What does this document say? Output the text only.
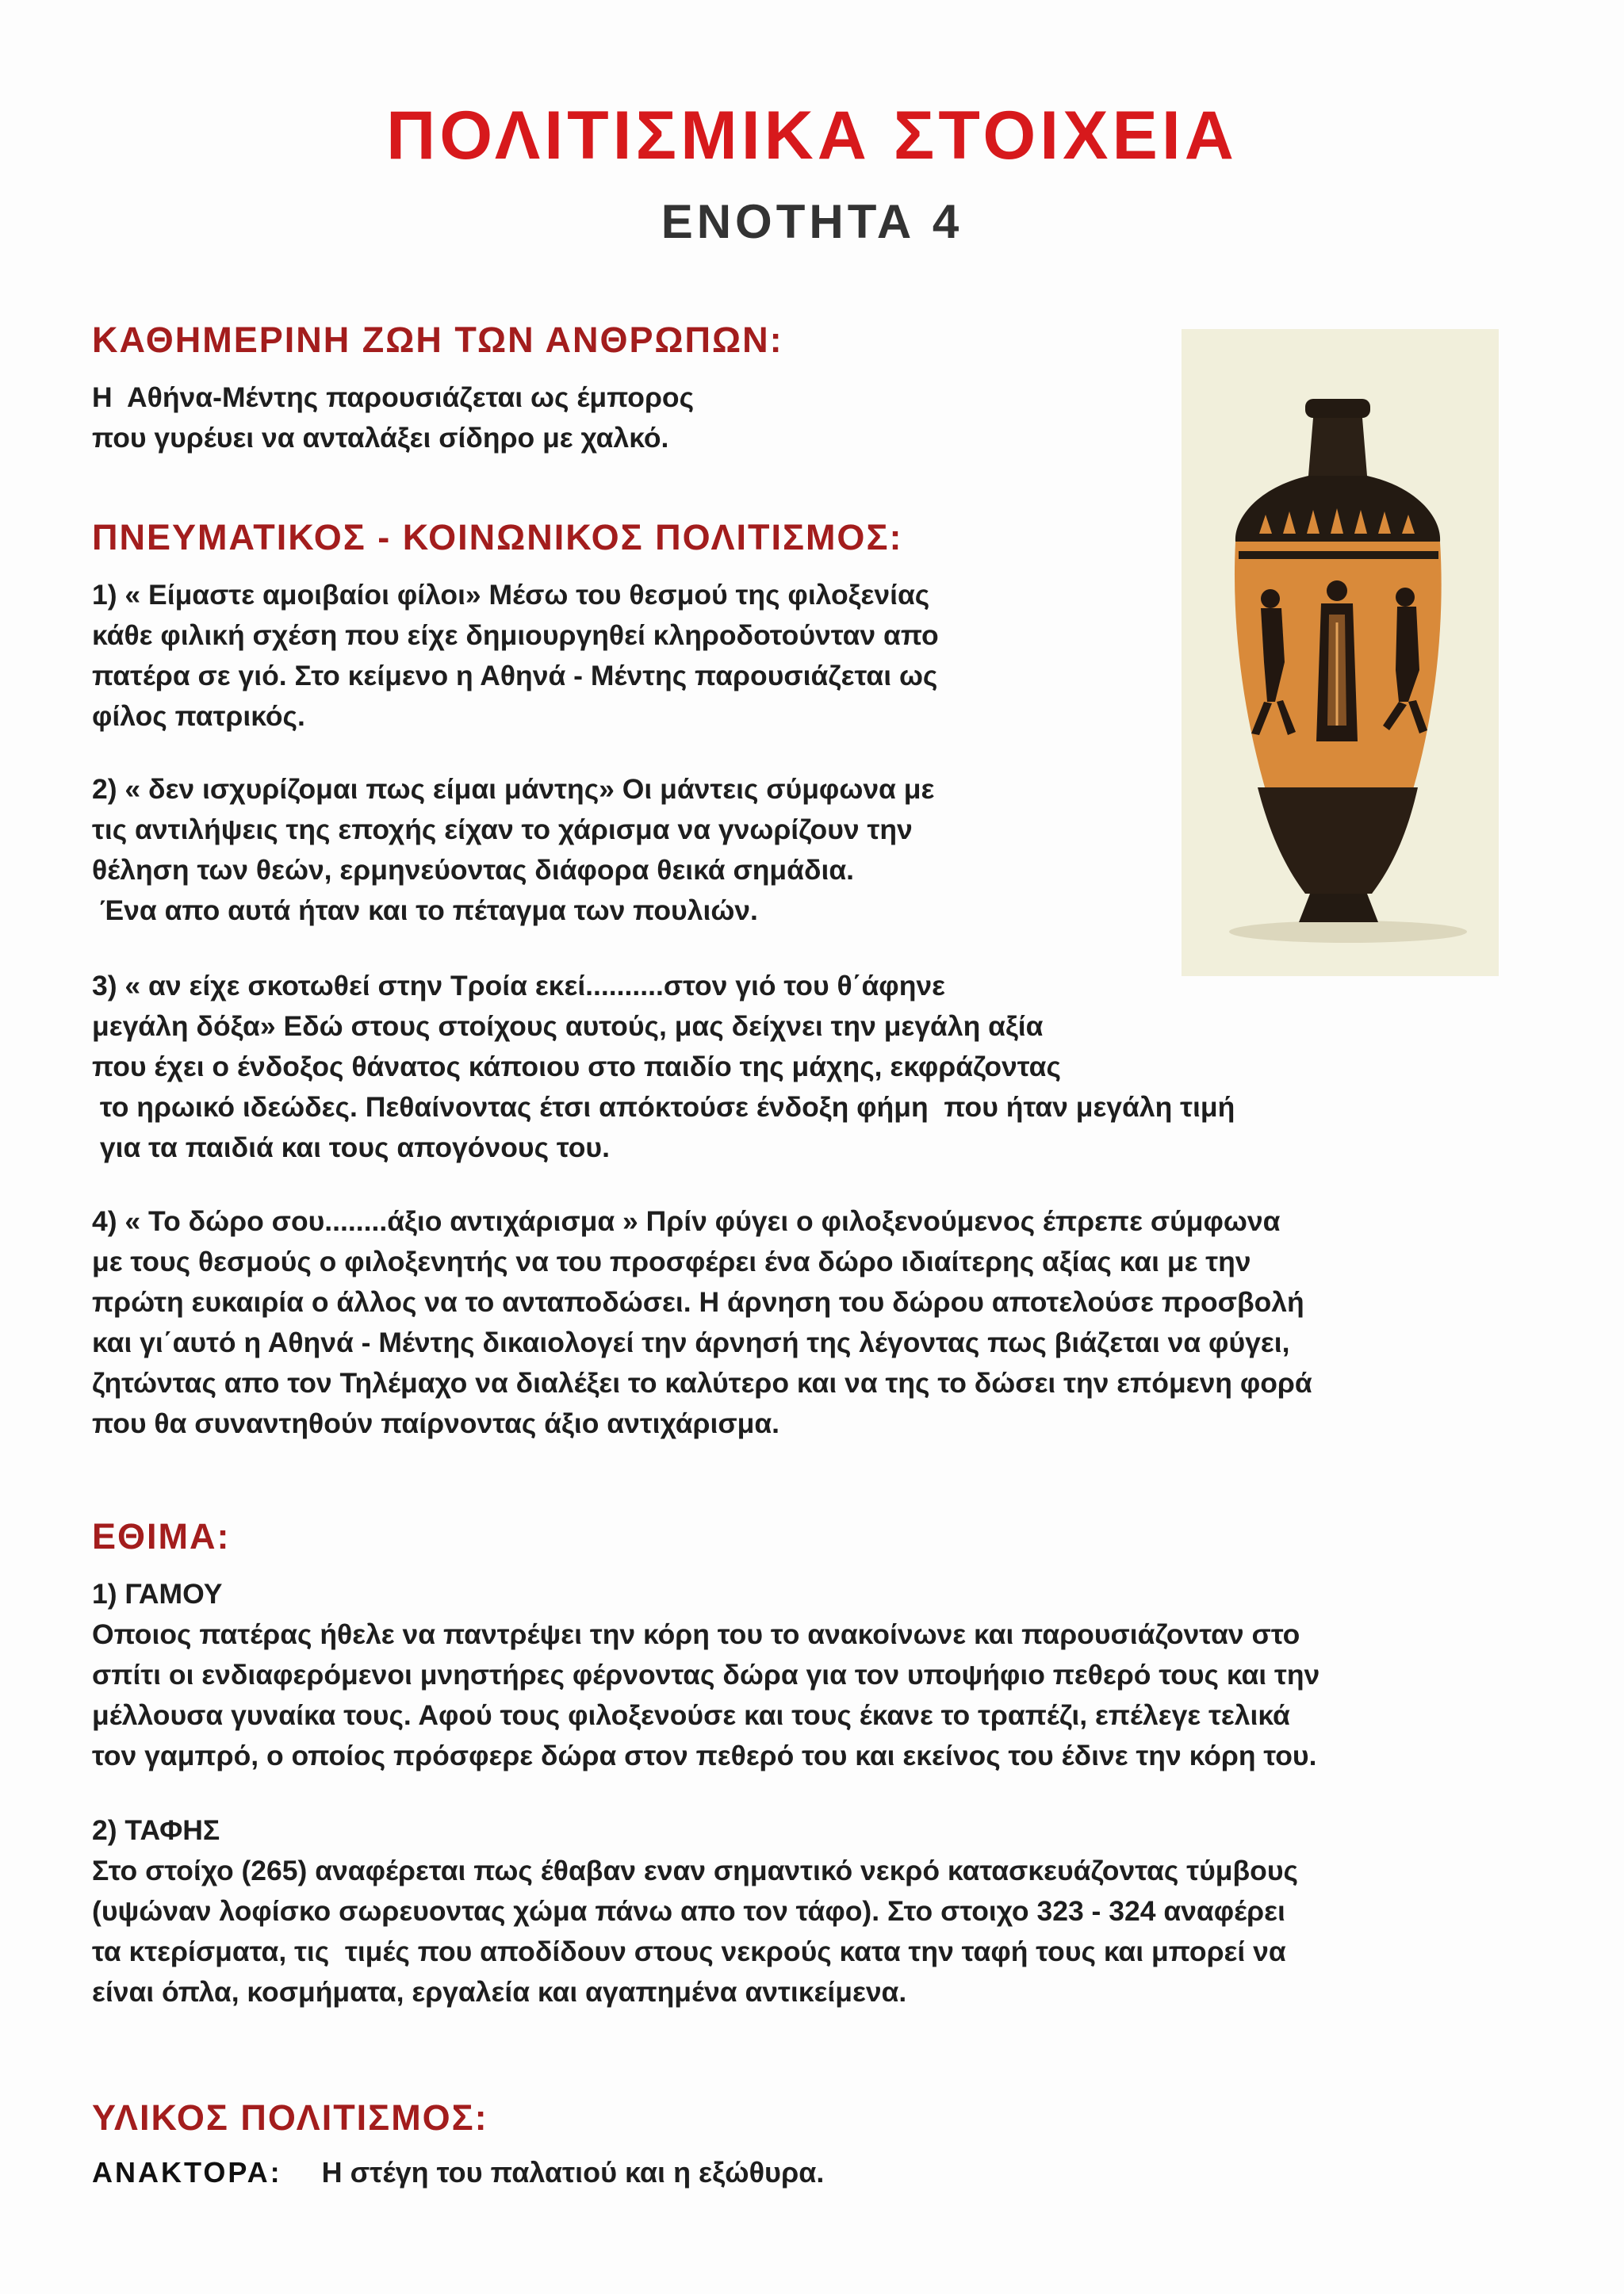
ΠΟΛΙΤΙΣΜΙΚΑ ΣΤΟΙΧΕΙΑ
ΕΝΟΤΗΤΑ 4
ΚΑΘΗΜΕΡΙΝΗ ΖΩΗ ΤΩΝ ΑΝΘΡΩΠΩΝ:
Η  Αθήνα-Μέντης παρουσιάζεται ως έμπορος
που γυρέυει να ανταλάξει σίδηρο με χαλκό.
ΠΝΕΥΜΑΤΙΚΟΣ - ΚΟΙΝΩΝΙΚΟΣ ΠΟΛΙΤΙΣΜΟΣ:
1) « Είμαστε αμοιβαίοι φίλοι» Μέσω του θεσμού της φιλοξενίας
κάθε φιλική σχέση που είχε δημιουργηθεί κληροδοτούνταν απο
πατέρα σε γιό. Στο κείμενο η Αθηνά - Μέντης παρουσιάζεται ως
φίλος πατρικός.
2) « δεν ισχυρίζομαι πως είμαι μάντης» Οι μάντεις σύμφωνα με
τις αντιλήψεις της εποχής είχαν το χάρισμα να γνωρίζουν την
θέληση των θεών, ερμηνεύοντας διάφορα θεικά σημάδια.
Ένα απο αυτά ήταν και το πέταγμα των πουλιών.
3) « αν είχε σκοτωθεί στην Τροία εκεί..........στον γιό του θ΄άφηνε
μεγάλη δόξα» Εδώ στους στοίχους αυτούς, μας δείχνει την μεγάλη αξία
που έχει ο ένδοξος θάνατος κάποιου στο παιδίο της μάχης, εκφράζοντας
το ηρωικό ιδεώδες. Πεθαίνοντας έτσι απόκτούσε ένδοξη φήμη  που ήταν μεγάλη τιμή
για τα παιδιά και τους απογόνους του.
4) « Το δώρο σου........άξιο αντιχάρισμα » Πρίν φύγει ο φιλοξενούμενος έπρεπε σύμφωνα
με τους θεσμούς ο φιλοξενητής να του προσφέρει ένα δώρο ιδιαίτερης αξίας και με την
πρώτη ευκαιρία ο άλλος να το ανταποδώσει. Η άρνηση του δώρου αποτελούσε προσβολή
και γι΄αυτό η Αθηνά - Μέντης δικαιολογεί την άρνησή της λέγοντας πως βιάζεται να φύγει,
ζητώντας απο τον Τηλέμαχο να διαλέξει το καλύτερο και να της το δώσει την επόμενη φορά
που θα συναντηθούν παίρνοντας άξιο αντιχάρισμα.
ΕΘΙΜΑ:
1) ΓΑΜΟΥ
Οποιος πατέρας ήθελε να παντρέψει την κόρη του το ανακοίνωνε και παρουσιάζονταν στο
σπίτι οι ενδιαφερόμενοι μνηστήρες φέρνοντας δώρα για τον υποψήφιο πεθερό τους και την
μέλλουσα γυναίκα τους. Αφού τους φιλοξενούσε και τους έκανε το τραπέζι, επέλεγε τελικά
τον γαμπρό, ο οποίος πρόσφερε δώρα στον πεθερό του και εκείνος του έδινε την κόρη του.
2) ΤΑΦΗΣ
Στο στοίχο (265) αναφέρεται πως έθαβαν εναν σημαντικό νεκρό κατασκευάζοντας τύμβους
(υψώναν λοφίσκο σωρευοντας χώμα πάνω απο τον τάφο). Στο στοιχο 323 - 324 αναφέρει
τα κτερίσματα, τις  τιμές που αποδίδουν στους νεκρούς κατα την ταφή τους και μπορεί να
είναι όπλα, κοσμήματα, εργαλεία και αγαπημένα αντικείμενα.
ΥΛΙΚΟΣ ΠΟΛΙΤΙΣΜΟΣ:
ΑΝΑΚΤΟΡΑ: Η στέγη του παλατιού και η εξώθυρα.
